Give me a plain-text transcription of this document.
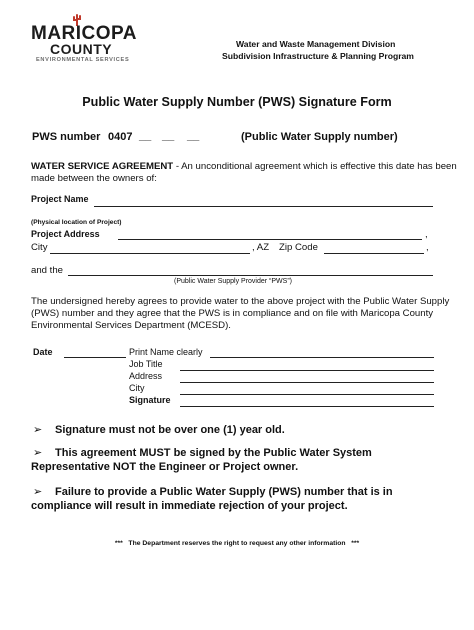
MARICOPA
COUNTY
ENVIRONMENTAL SERVICES
Water and Waste Management Division
Subdivision Infrastructure & Planning Program
Public Water Supply Number (PWS) Signature Form
PWS number 0407 __ __ __	(Public Water Supply number)
WATER SERVICE AGREEMENT - An unconditional agreement which is effective this date has been
made between the owners of:
Project Name
(Physical location of Project)
Project Address	,
City	, AZ Zip Code	,
and the
(Public Water Supply Provider “PWS”)
The undersigned hereby agrees to provide water to the above project with the Public Water Supply
(PWS) number and they agree that the PWS is in compliance and on file with Maricopa County
Environmental Services Department (MCESD).
Date	Print Name clearly
Job Title
Address
City
Signature
➢ Signature must not be over one (1) year old.
➢ This agreement MUST be signed by the Public Water System
Representative NOT the Engineer or Project owner.
➢ Failure to provide a Public Water Supply (PWS) number that is in
compliance will result in immediate rejection of your project.
***   The Department reserves the right to request any other information   ***
